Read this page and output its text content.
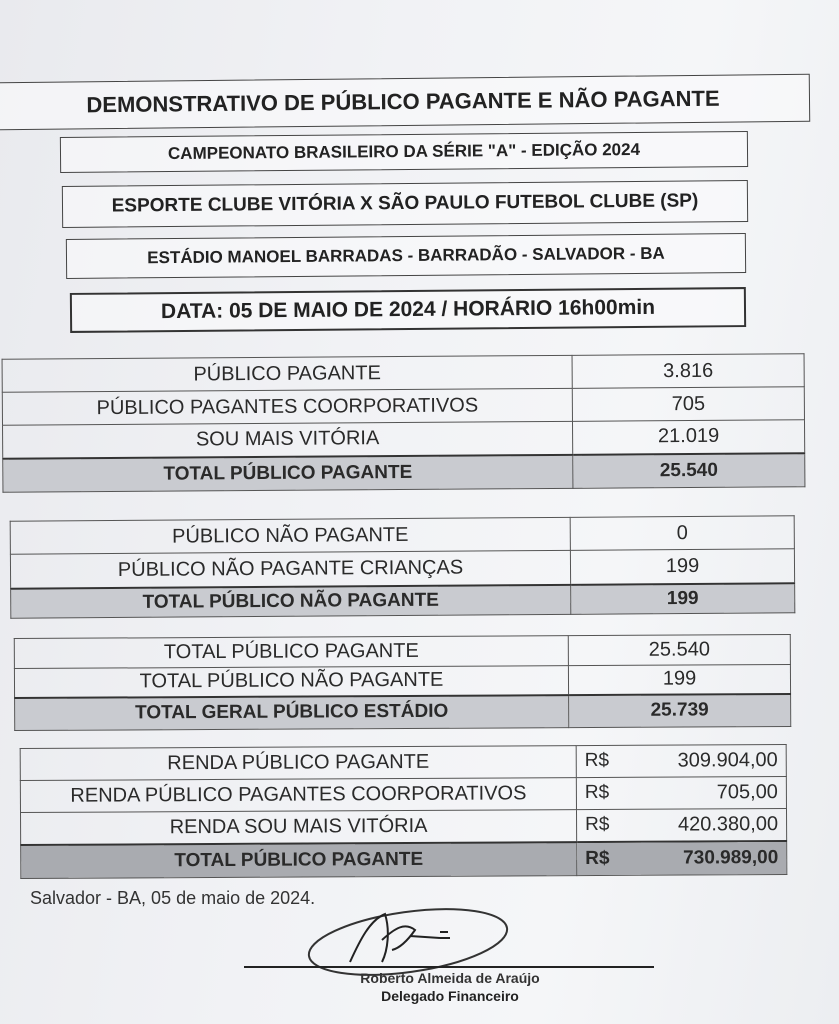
DEMONSTRATIVO DE PÚBLICO PAGANTE E NÃO PAGANTE
CAMPEONATO BRASILEIRO DA SÉRIE "A" - EDIÇÃO 2024
ESPORTE CLUBE VITÓRIA X SÃO PAULO FUTEBOL CLUBE (SP)
ESTÁDIO MANOEL BARRADAS - BARRADÃO - SALVADOR - BA
DATA: 05 DE MAIO DE 2024 / HORÁRIO 16h00min
PÚBLICO PAGANTE	3.816
PÚBLICO PAGANTES COORPORATIVOS	705
SOU MAIS VITÓRIA	21.019
TOTAL PÚBLICO PAGANTE	25.540
PÚBLICO NÃO PAGANTE	0
PÚBLICO NÃO PAGANTE CRIANÇAS	199
TOTAL PÚBLICO NÃO PAGANTE	199
TOTAL PÚBLICO PAGANTE	25.540
TOTAL PÚBLICO NÃO PAGANTE	199
TOTAL GERAL PÚBLICO ESTÁDIO	25.739
RENDA PÚBLICO PAGANTE	R$ 309.904,00
RENDA PÚBLICO PAGANTES COORPORATIVOS	R$ 705,00
RENDA SOU MAIS VITÓRIA	R$ 420.380,00
TOTAL PÚBLICO PAGANTE	R$ 730.989,00
Salvador - BA, 05 de maio de 2024.
Roberto Almeida de Araújo
Delegado Financeiro
